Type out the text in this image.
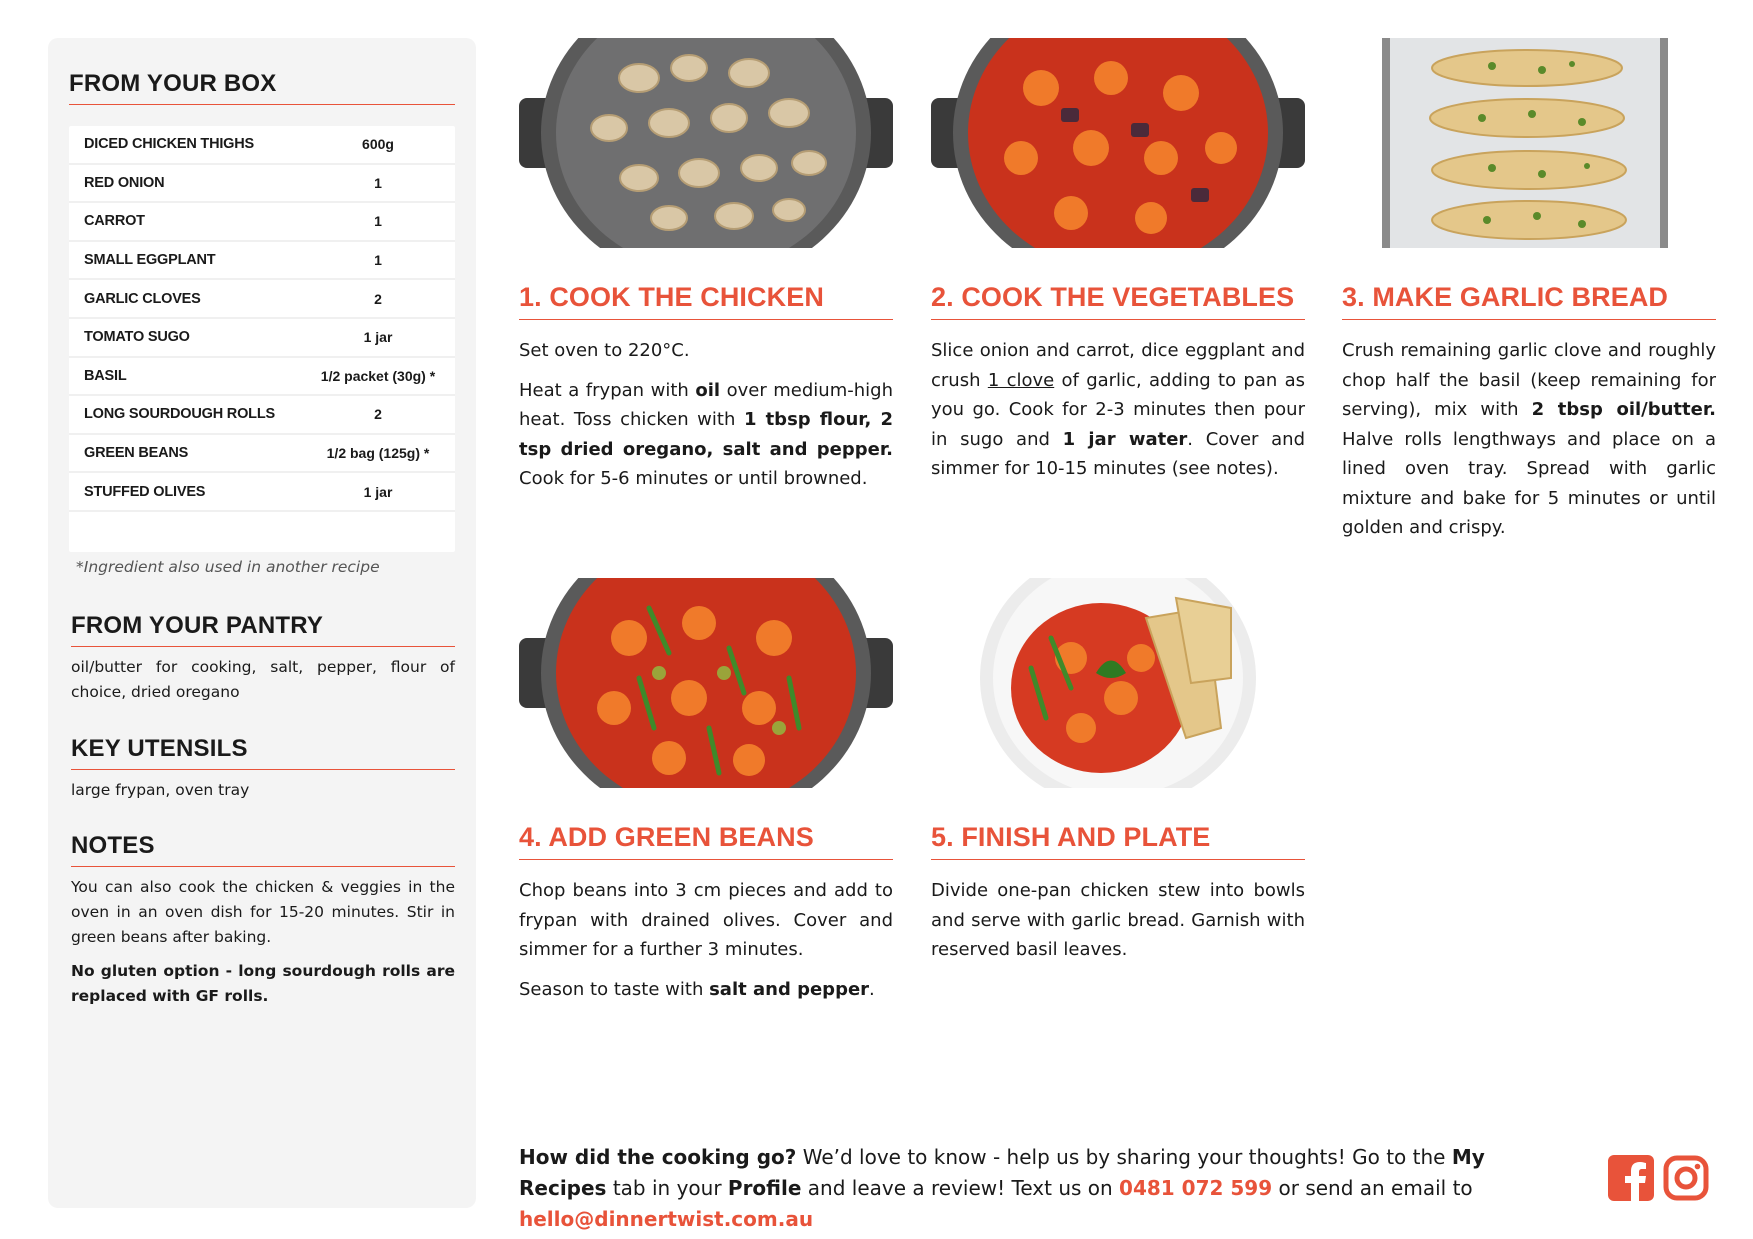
FROM YOUR BOX
DICED CHICKEN THIGHS	600g
RED ONION	1
CARROT	1
SMALL EGGPLANT	1
GARLIC CLOVES	2
TOMATO SUGO	1 jar
BASIL	1/2 packet (30g) *
LONG SOURDOUGH ROLLS	2
GREEN BEANS	1/2 bag (125g) *
STUFFED OLIVES	1 jar
*Ingredient also used in another recipe
FROM YOUR PANTRY
oil/butter for cooking, salt, pepper, flour of choice, dried oregano
KEY UTENSILS
large frypan, oven tray
NOTES
You can also cook the chicken & veggies in the oven in an oven dish for 15-20 minutes. Stir in green beans after baking.
No gluten option - long sourdough rolls are replaced with GF rolls.
1. COOK THE CHICKEN

Set oven to 220°C.

Heat a frypan with oil over medium-high heat. Toss chicken with 1 tbsp flour, 2 tsp dried oregano, salt and pepper. Cook for 5-6 minutes or until browned.

2. COOK THE VEGETABLES

Slice onion and carrot, dice eggplant and crush 1 clove of garlic, adding to pan as you go. Cook for 2-3 minutes then pour in sugo and 1 jar water. Cover and simmer for 10-15 minutes (see notes).

3. MAKE GARLIC BREAD

Crush remaining garlic clove and roughly chop half the basil (keep remaining for serving), mix with 2 tbsp oil/butter. Halve rolls lengthways and place on a lined oven tray. Spread with garlic mixture and bake for 5 minutes or until golden and crispy.

4. ADD GREEN BEANS

Chop beans into 3 cm pieces and add to frypan with drained olives. Cover and simmer for a further 3 minutes.

Season to taste with salt and pepper.

5. FINISH AND PLATE

Divide one-pan chicken stew into bowls and serve with garlic bread. Garnish with reserved basil leaves.

How did the cooking go? We’d love to know - help us by sharing your thoughts! Go to the My Recipes tab in your Profile and leave a review! Text us on 0481 072 599 or send an email to hello@dinnertwist.com.au
